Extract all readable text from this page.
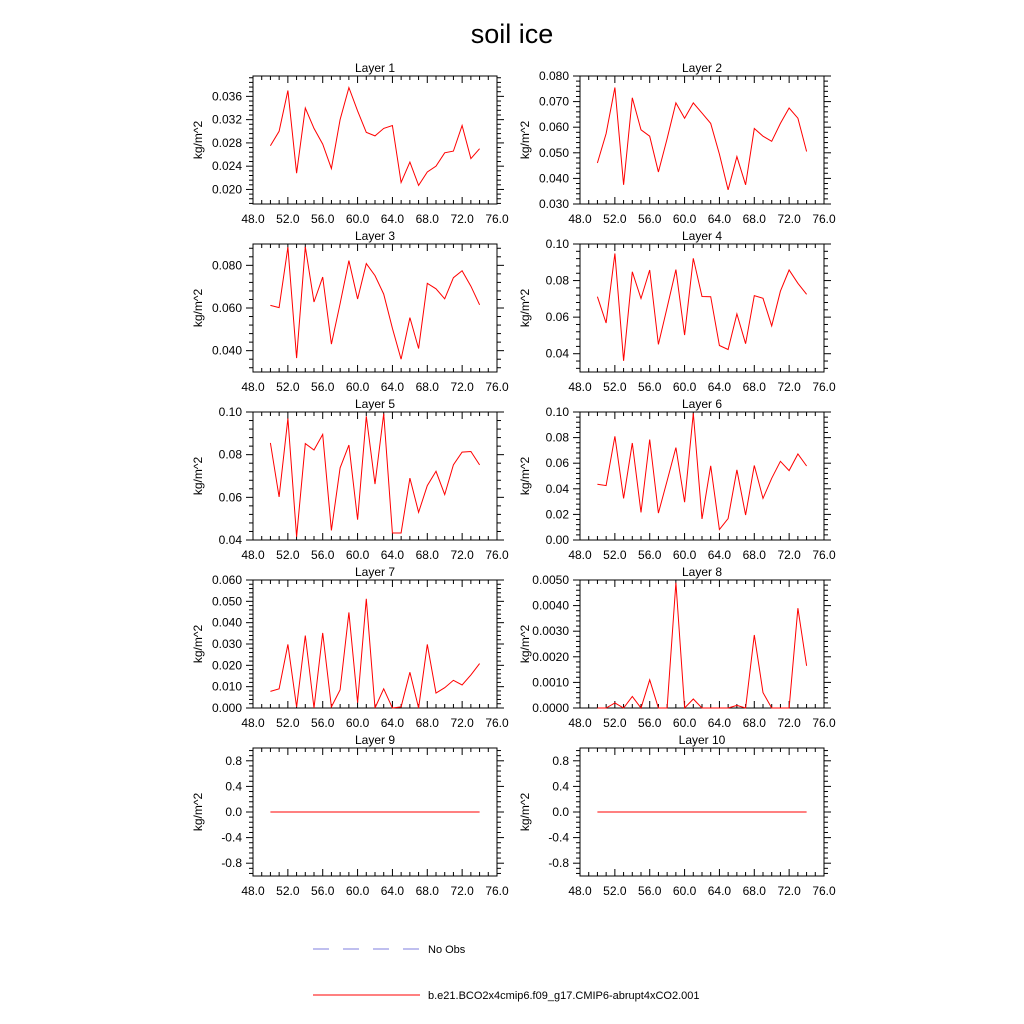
soil ice
48.0 52.0 56.0 60.0 64.0 68.0 72.0 76.0
0.020
0.024
0.028
0.032
0.036
Layer 1
kg/m^2
48.0 52.0 56.0 60.0 64.0 68.0 72.0 76.0
0.030
0.040
0.050
0.060
0.070
0.080
Layer 2
kg/m^2
48.0 52.0 56.0 60.0 64.0 68.0 72.0 76.0
0.040
0.060
0.080
Layer 3
kg/m^2
48.0 52.0 56.0 60.0 64.0 68.0 72.0 76.0
0.04
0.06
0.08
0.10
Layer 4
kg/m^2
48.0 52.0 56.0 60.0 64.0 68.0 72.0 76.0
0.04
0.06
0.08
0.10
Layer 5
kg/m^2
48.0 52.0 56.0 60.0 64.0 68.0 72.0 76.0
0.00
0.02
0.04
0.06
0.08
0.10
Layer 6
kg/m^2
48.0 52.0 56.0 60.0 64.0 68.0 72.0 76.0
0.000
0.010
0.020
0.030
0.040
0.050
0.060
Layer 7
kg/m^2
48.0 52.0 56.0 60.0 64.0 68.0 72.0 76.0
0.0000
0.0010
0.0020
0.0030
0.0040
0.0050
Layer 8
kg/m^2
48.0 52.0 56.0 60.0 64.0 68.0 72.0 76.0
-0.8
-0.4
0.0
0.4
0.8
Layer 9
kg/m^2
48.0 52.0 56.0 60.0 64.0 68.0 72.0 76.0
-0.8
-0.4
0.0
0.4
0.8
Layer 10
kg/m^2
No Obs
b.e21.BCO2x4cmip6.f09_g17.CMIP6-abrupt4xCO2.001
